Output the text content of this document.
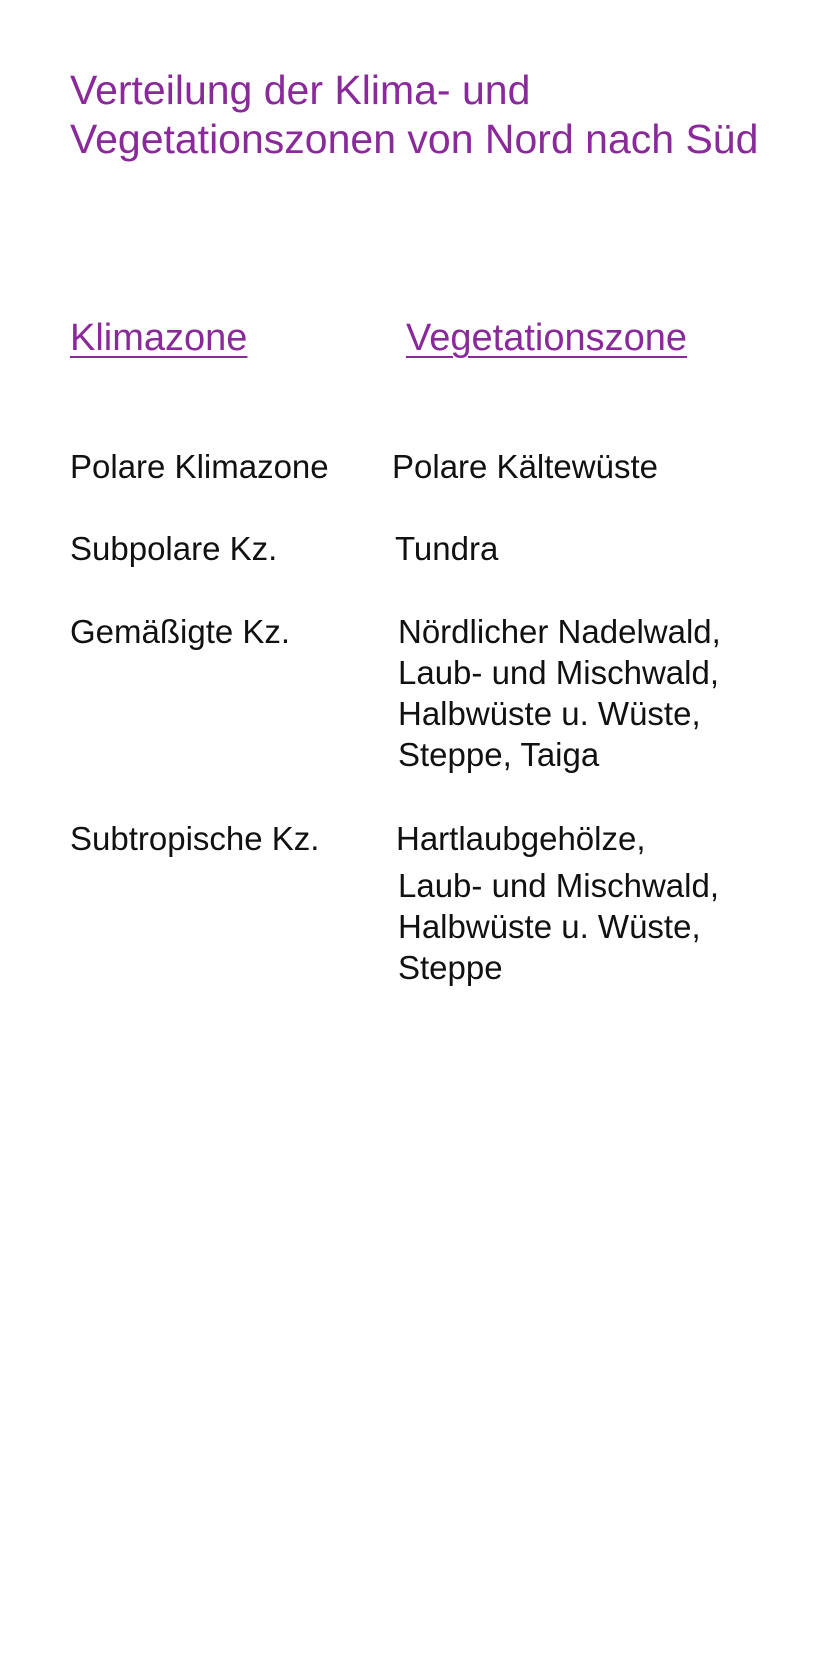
Verteilung der Klima- und Vegetationszonen von Nord nach Süd
Klimazone	Vegetationszone

Polare Klimazone	Polare Kältewüste

Subpolare Kz.	Tundra

Gemäßigte Kz.	Nördlicher Nadelwald,
Laub- und Mischwald,
Halbwüste u. Wüste,
Steppe, Taiga

Subtropische Kz.	Hartlaubgehölze,
Laub- und Mischwald,
Halbwüste u. Wüste,
Steppe
